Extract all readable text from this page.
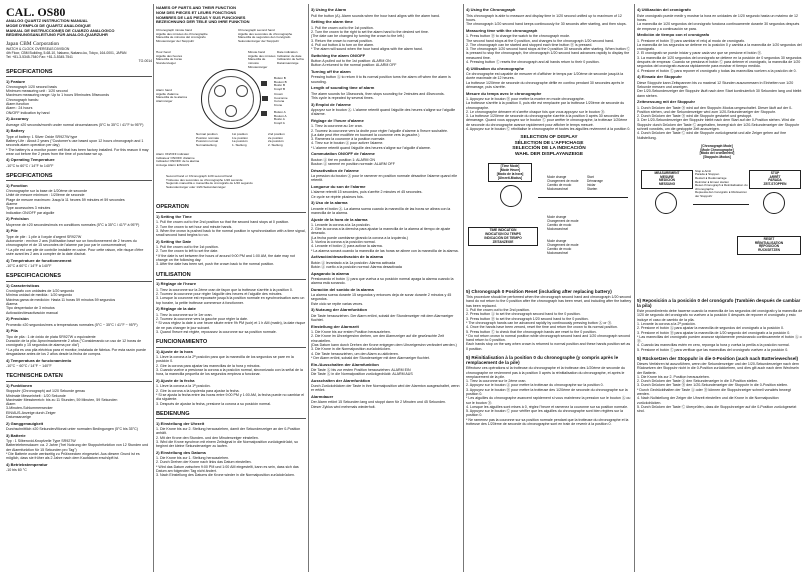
CAL. OS80
ANALOG QUARTZ INSTRUCTION MANUAL
MODE D'EMPLOI DE QUARTZ ANALOGIQUE
MANUAL DE INSTRUCCIONES DE CUARZO ANALOGICO
BEDIENUNGSANLEITUNG FÜR ANALOG-QUARZUHR
Japan CBM Corporation
WATCH & CLOCK OVERSEAS DIVISION
4th Floor, CBM Building, 5-68-10, Nakano, Nakano-ku, Tokyo, 164-0001, JAPAN
Tel: +81-3-5345-7540 Fax: +81-3-5345-7541
TO-0014
SPECIFICATIONS
1) Feature

Chronograph 1/20 second basis
Minimum measuring unit : 1/20 second
Maximum measuring range: Up to 1 hours 59minutes 59seconds
Chronograph hands:
Alarm function
Alarm : 24 hours
ON/OFF indication by hand

2) Accuracy

Average ±20 seconds/month under normal circumstances (5°C to 35°C / 41°F to 95°F)

3) Battery

Type of battery: 1 Silver Oxide SR927W type
Battery Life : About 2 years ("Customer's use based upon 12 hours chronograph and 1 seconds alarm operation per day)
* The battery is a monitor power cell that has been factory installed. For this reason it may wear out before the 2 years from the time of purchase we up.

4) Operating Temperature

-10°C to 60°C / 14°F to 140°F

SPECIFICATIONS
1) Fonction

Chronographe sur la base de 1/20ème de seconde
Unité de mesure minimum : 1/20ème de seconde
Plage de mesure maximum: Jusqu'à 11 heures 59 minutes et 59 secondes
Alarme
Type accessoires 3 minutes
Indication ON/OFF par aiguille

2) Précision

Moyenne de ±20 secondes/mois en conditions normales (5°C à 35°C / 41°F à 95°F)

3) Pile

Type de pile : 1 pile à l'oxyde d'argent SR927W
Autonomie : environ 2 ans (l'utilisation basé sur un fonctionnement de 2 heures du chronographe et de 15 secondes de l'alarme par jour par le consommateur)
* La pile est une pile de contrôle installée en usine. Pour cette raison, elle risque d'être usée avant les 2 ans à compter de la date d'achat.

4) Température de fonctionnement

-10°C à 60°C / 14°F à 140°F

ESPECIFICACIONES
1) Características

Cronógrafo con unidades de 1/20 segundo
Mínima unidad de medida : 1/20 segundo
Máxima gama de medición: Hasta 11 horas 59 minutos 59 segundos
Alarma
Tipo despertador de 3 minutos
Activación/desactivación manual

2) Precisión

Promedio ±20 segundos/mes a temperaturas normales (5°C ~ 35°C / 41°F ~ 95°F)

3) Pila

Tipo de pila : 1 de óxido de plata SR927W o equivalente
Duración de la pila: Aproximadamente 2 años ("Considerando un uso de 12 horas de cronógrafo y 15 segundos de alarma por día")
* La pila es una pila eléctrica para el monitor, instalada de fábrica. Por esta razón puede desgastarse antes de los 2 años desde la fecha de compra.

4) Temperatura de funcionamiento

-10°C ~ 60°C / 14°F ~ 140°F

TECHNISCHE DATEN
1) Funktionen

Stoppuhr (Chronograph) auf 1/20 Sekunde genau
Minimale Messeinheit : 1/20 Sekunde
Maximaler Messbereich: bis zu 11 Stunden, 59 Minuten, 59 Sekunden
Alarm
3-Minuten-Schlummerwecker
EIN/AUS-Anzeige durch Zeiger
Datumsanzeige

2) Ganggenauigkeit

Durchschnittlich ±20 Sekunden/Monat unter normalen Bedingungen (5°C bis 35°C)

3) Batterie

Typ : 1 Silberoxid-Knopfzelle Type SR927W
Batterielebensdauer: ca. 2 Jahre ("bei Nutzung der Stoppuhrfunktion von 12 Stunden und der Alarmfunktion für 15 Sekunden pro Tag")
* Die Batterie wurde werkseitig zu Prüfzwecken eingesetzt. Aus diesem Grund ist es möglich, dass sie früher als 2 Jahre nach dem Kaufdatum erschöpft ist.

4) Betriebstemperatur

-10 bis 60 °C

NAMES OF PARTS AND THEIR FUNCTION
NOM DES PIECES ET LEURS FONCTIONS
NOMBRES DE LAS PIEZAS Y SUS FUNCIONES
BEZEICHNUNG DER TEILE UND IHRE FUNKTION
Chronograph minute hand
Aiguille des minutes du chronographe
Manecilla de minutos del cronógrafo
Minutenzeiger der Stoppuhr
Chronograph second hand
Aiguille des secondes du chronographe
Manecilla de segundos del cronógrafo
Sekundenzeiger der Stoppuhr
Hour hand
Aiguille des heures
Manecilla de horas
Stundenzeiger
Minute hand
Aiguille des minutes
Manecilla de minutos
Minutenzeiger
Date indication
Indication de date
Indicación de fecha
Datumsanzeige
Button B
Bouton B
Botón B
Knopf B
Crown
Couronne
Corona
Krone
Button A
Bouton A
Botón A
Knopf A
Alarm hand
Aiguille d'alarme
Manecilla de la alarma
Alarmzeiger
Normal position
Position normale
Posición normal
Normalstellung
1st position
1re position
1a posición
1. Stellung
2nd position
2e position
2a posición
2. Stellung
Alarm ON/OFF indicator
Indicateur ON/OFF d'alarme
Indicador ON/OFF de la alarma
Anzeige Alarm EIN/AUS
Second hand or Chronograph 1/20 second hand
Trotteuse des secondes ou chronographe 1/20 seconde
Segundo manecilla o manecilla de cronógrafo de 1/20 segundo
Sekundenzeiger oder 1/20-Sekundenzeiger
OPERATION
1) Setting the Time

1. Pull the crown out to the 2nd position so that the second hand stops at 0 position.
2. Turn the crown to set hour and minute hands.
3. When the crown is pushed back to the normal position in synchronization with a time signal, small second hand begins to run.

2) Setting the Date

1. Pull the crown out to the 1st position.
2. Turn the crown to left to set the date.
* If the date is set between the hours of around 9:00 PM and 1:00 AM, the date may not change on the following day.
3. After the date has been set, push the crown back to the normal position.

UTILISATION
1) Réglage de l'heure

1. Tirez la couronne sur la 2ème cran de façon que la trotteuse s'arrête à la position 0.
2. Tournez la couronne pour régler l'aiguille des heures et l'aiguille des minutes.
3. Lorsque la couronne est repoussée jusqu'à la position normale en synchronisation avec un top horaire, la petite trotteuse commence à fonctionner.

2) Réglage de la date

1. Tirez la couronne sur le 1er cran.
2. Tournez la couronne vers la gauche pour régler la date.
* Si vous réglez la date à une heure située entre 9h PM (soir) et 1 h AM (matin), la date risque de ne pas changer le jour suivant.
3. Quand l'heure est réglée, repoussez la couronne sur sa position normale.

FUNCIONAMIENTO
1) Ajuste de la hora

1. Lleve la corona a la 2ª posición para que la manecilla de los segundos se pare en la posición 0.
2. Gire la corona para ajustar las manecillas de la hora y minutos.
3. Cuando vuelve a presionar la corona a la posición normal, sincronizado con la señal de la hora, la manecilla pequeña de los segundos empieza a funcionar.

2) Ajuste de la fecha

1. Lleve la corona a la 1ª posición.
2. Gire la corona a la izquierda para ajustar la fecha.
* Si se ajusta la fecha entre las horas entre 9:00 PM y 1:00 AM, la fecha puede no cambiar el día siguiente.
3. Después de ajustar la fecha, presione la corona a su posición normal.

BEDIENUNG
1) Einstellung der Uhrzeit

1. Die Krone bis zur 2. Stellung herausziehen, damit der Sekundenzeiger an der 0-Position anhält.
2. Mit der Krone den Stunden- und den Minutenzeiger einstellen.
3. Wird die Krone synchron mit einem Zeitsignal in die Normalposition zurückgedrückt, so beginnt der kleine Sekundenzeiger zu laufen.

2) Einstellung des Datums

1. Die Krone bis zur 1. Stellung herausziehen.
2. Durch Drehen der Krone nach links das Datum einstellen.
* Wird das Datum zwischen 9:00 PM und 1:00 AM eingestellt, kann es sein, dass sich das Datum am folgenden Tag nicht ändert.
3. Nach Einstellung des Datums die Krone wieder in die Normalposition zurückdrücken.

3) Using the Alarm

Pull the button (A). Alarm sounds when the hour hand aligns with the alarm hand.

Setting the alarm time

1. Pull the crown out to the 1st position.
2. Turn the crown to the right to set the alarm hand to the desired set time.
(The date can be changed by turning the crown to the left.)
3. Return the crown to normal position.
4. Pull out button A to turn on the alarm.
* The alarm will sound when the hour hand aligns with the alarm hand.

Switching the alarm ON/OFF

Button A pulled out to the 1st position: ALARM ON
Button A returned to the normal position: ALARM OFF

Turning off the alarm

Pressing button Ⓐ to return it to its normal position turns the alarm off when the alarm is sounding.

Length of sounding time of alarm

The alarm sounds for 15seconds, then stops sounding for 2minutes and 45seconds.
This cycle is repeated by several times.

3) Emploi de l'alarme

Appuyez sur le bouton Ⓐ. L'alarme retentit quand l'aiguille des heures s'aligne sur l'aiguille d'alarme.

Réglage de l'heure d'alarme

1. Tirez la couronne au 1er cran.
2. Tournez la couronne vers la droite pour régler l'aiguille d'alarme à l'heure souhaitée.
(La date peut être modifiée en tournant la couronne vers la gauche.)
3. Ramenez la couronne à la position normale.
4. Tirez sur le bouton Ⓐ pour activer l'alarme.
* L'alarme retentit quand l'aiguille des heures s'aligne sur l'aiguille d'alarme.

Commutation ON/OFF de l'alarme

Bouton Ⓐ tiré en position 1: ALARM ON
Bouton Ⓐ ramené en position normale: ALARM OFF

Désactivation de l'alarme

La pression du bouton Ⓐ pour le ramener en position normale désactive l'alarme quand elle retentit.

Longueur du son de l'alarme

L'alarme retentit 15 secondes, puis s'arrête 2 minutes et 45 secondes.
Ce cycle se répète plusieurs fois.

3) Uso de la alarma

Levante el botón Ⓐ. La alarma suena cuando la manecilla de las horas se alinea con la manecilla de la alarma.

Ajuste de la hora de la alarma

1. Levante la corona a la 1a posición.
2. Gire la corona a la derecha para ajustar la manecilla de la alarma al tiempo de ajuste deseado.
(La fecha puede cambiarse girando la corona a la izquierda.)
3. Vuelva la corona a la posición normal.
4. Levante el botón Ⓐ para activar la alarma.
* La alarma sonará cuando la manecilla de las horas se alinee con la manecilla de la alarma.

Activación/desactivación de la alarma

Botón Ⓐ levantado a la 1a posición: Alarma activada
Botón Ⓐ vuelto a la posición normal: Alarma desactivada

Apagando la alarma

Presionando el botón Ⓐ para que vuelva a su posición normal apaga la alarma cuando la alarma está sonando.

Duración del sonido de la alarma

La alarma suena durante 15 segundos y entonces deja de sonar durante 2 minutos y 45 segundos.
Este ciclo se repite varias veces.

3) Nutzung der Alarmfunktion

Die Taste herausziehen. Der Alarm ertönt, sobald der Stundenzeiger mit dem Alarmzeiger fluchtet.

Einstellung der Alarmzeit

1. Die Krone bis zur ersten Position herausziehen.
2. Die Krone im Uhrzeigersinn drehen, um den Alarmzeiger auf die gewünschte Zeit einzustellen.
(Das Datum kann durch Drehen der Krone entgegen dem Uhrzeigersinn verändert werden.)
3. Die Krone in die Normalposition zurückdrücken.
4. Die Taste herausziehen, um den Alarm zu aktivieren.
* Der Alarm ertönt, sobald der Stundenzeiger mit dem Alarmzeiger fluchtet.

Ein-/Ausschalten der Alarmfunktion

Die Taste Ⓐ bis zur ersten Position herausziehen: ALARM EIN
Die Taste Ⓐ in die Normalposition zurückgedrückt: ALARM AUS

Ausschalten der Alarmfunktion

Durch Zurückdrücken der Taste in ihre Normalposition wird der Alarmton ausgeschaltet, wenn er ertönt.

Alarmdauer

Der Alarm ertönt 15 Sekunden lang und stoppt dann für 2 Minuten und 45 Sekunden.
Dieser Zyklus wird mehrmals wiederholt.

4) Using the Chronograph

This chronograph is able to measure and display time in 1/20 second unified up to maximum of 12 hours.
The chronograph 1/20 second hand keeps continuously for 30 seconds after starting, and then stops.

Measuring time with the chronograph

1. Press button Ⓑ to change the watch to the chronograph mode.
The second hand stops at the 0 position, and changes to the chronograph 1/20 second hand.
2. The chronograph can be started and stopped each time button Ⓑ is pressed.
3. The chronograph 1/20 second hand stops at the 0 position 30 seconds after starting. When button Ⓒ is pressed to stop the chronograph, the chronograph 1/20 second hand advances rapidly to display the measured time.
4. Pressing button Ⓒ resets the chronograph and all hands return to their 0 position.

4) Utilisation du chronographe

Ce chronographe est capable de mesurer et d'afficher le temps par 1/20ème de seconde jusqu'à la durée maximale de 12 heures.
La trotteuse 1/20ème de seconde du chronographe défile en continu pendant 30 secondes après le démarrage, puis s'arrête.

Mesure du temps avec le chronographe

1. Appuyez sur le bouton Ⓑ pour mettre la montre en mode chronographe.
La trotteuse s'arrête à la position 0, puis elle est remplacée par la trotteuse 1/20ème de seconde du chronographe.
2. Le chronographe démarre et s'arrête chaque fois que vous appuyez sur le bouton Ⓑ.
3. La trotteuse 1/20ème de seconde du chronographe s'arrête à la position 0 après 30 secondes de démarrage. Quand vous appuyez sur le bouton Ⓒ pour arrêter le chronographe, la trotteuse 1/20ème de seconde du chronographe avance rapidement pour afficher le temps mesuré.
4. Appuyez sur le bouton Ⓒ réinitialise le chronographe et toutes les aiguilles reviennent à la position 0.

SELECTION OF DISPLAY
SÉLECTION DE L'AFFICHAGE
SELECCIÓN DE LA INDICACIÓN
WAHL DER DISPLAYANZEIGE
[Time Mode]
[Mode Heure]
[Modo de la hora]
[Uhrzeit-Modus]
TIME INDICATION
INDICATION DU TEMPS
INDICACIÓN DE TIEMPO
ZEITANZEIGE
Mode change
Changement de mode
Cambio de modo
Moduswechsel
Start
Démarrage
Iniciar
Starten
Mode change
Changement de mode
Cambio de modo
Moduswechsel
Mode change
Changement de mode
Cambio de modo
Moduswechsel
5) Chronograph 0 Position Reset (including after replacing battery)

This procedure should be performed when the chronograph second hand and chronograph 1/20 second hand do not return to the 0 position after the chronograph has been reset, and including after the battery has been replaced.
1. Pull the crown out to the 2nd position.
2. Press button Ⓐ to set the chronograph second hand to the 0 position.
3. Press button Ⓑ to set the chronograph 1/20 second hand to the 0 position.
* The chronograph hands can be advanced rapidly by continuously pressing button Ⓐ or Ⓑ.
4. Once the hands have been zeroed, reset the time and return the crown to its normal position.
5. Press button Ⓒ to check that the chronograph hands are reset to the 0 position.
* Do not return crown to normal position while chronograph second hand and 1/20 chronograph second hand return to 0 position.
Each hands stop on the way when crown is returned to normal position and these hands position set as 0 position.

5) Réinitialisation à la position 0 du chronographe (y compris après le remplacement de la pile)

Effectuez ces opérations si la trotteuse du chronographe et la trotteuse des 1/20ème de seconde du chronographe ne reviennent pas à la position 0 après la réinitialisation du chronographe, et après le remplacement de la pile.
1. Tirez la couronne sur le 2ème cran.
2. Appuyez sur le bouton Ⓐ pour mettre la trotteuse du chronographe sur la position 0.
3. Appuyez sur le bouton Ⓑ pour mettre la trotteuse des 1/20ème de seconde du chronographe sur la position 0.
* Les aiguilles du chronographe avancent rapidement si vous maintenez la pression sur le bouton Ⓐ ou sur le bouton Ⓑ.
4. Lorsque les aiguilles sont mises à 0, réglez l'heure et ramenez la couronne sur sa position normale.
5. Appuyez sur le bouton Ⓒ pour vérifier que les aiguilles du chronographe sont bien réglées sur la position 0.
* Ne ramenez pas la couronne sur sa position normale pendant que la trotteuse du chronographe et la trotteuse des 1/20ème de seconde du chronographe sont en train de revenir à la position 0.

4) Utilización del cronógrafo

Este cronógrafo puede medir y mostrar la hora en unidades de 1/20 segundo hasta un máximo de 12 horas.
La manecilla de 1/20 segundos del cronógrafo funciona continuamente durante 30 segundos después de empezar y a continuación se para.

Medición de tiempo con el cronógrafo

1. Presione el botón Ⓑ para cambiar el reloj al modo de cronógrafo.
La manecilla de los segundos se detiene en la posición 0 y cambia a la manecilla de 1/20 segundos del cronógrafo.
2. El cronógrafo se puede iniciar y parar cada vez que se presione el botón Ⓑ.
3. La manecilla de 1/20 segundos del cronógrafo se detiene en la posición de 0 segundos 30 segundos después de empezar. Cuando se presiona el botón Ⓒ para detener el cronógrafo, la manecilla de 1/20 segundos del cronógrafo avanza rápidamente para mostrar el tiempo medido.
4. Presione el botón Ⓒ para reponer el cronógrafo y todas las manecillas vuelven a la posición de 0.

4) Einsatz der Stoppuhr

Diese Stoppuhr kann Zeitspannen bis zu maximal 12 Stunden auszumessen in Einheiten von 1/20 Sekunde messen und anzeigen.
Der 1/20-Sekundenzeiger der Stoppuhr läuft nach dem Start kontinuierlich 30 Sekunden lang und bleibt dann stehen.

Zeitmessung mit der Stoppuhr

1. Durch Drücken der Taste Ⓑ wird auf den Stoppuhr-Modus umgeschaltet. Dieser läuft auf der 0-Position stehen, und der Sekundenzeiger wird zum 1/20-Sekundenzeiger der Stoppuhr.
2. Durch Drücken der Taste Ⓑ wird die Stoppuhr gestartet und gestoppt.
3. Der 1/20-Sekundenzeiger der Stoppuhr bleibt nach dem Start auf der 0-Position stehen. Wird die Stoppuhr durch Drücken der Taste Ⓒ angehalten, bewegt sich der 1/20-Sekundenzeiger der Stoppuhr schnell vorwärts, um die gestoppte Zeit anzuzeigen.
4. Durch Drücken der Taste Ⓒ wird die Stoppuhr zurückgesetzt und alle Zeiger gehen auf ihre Nullstellung.

[Chronograph Mode]
[Mode Chronographe]
[Modo del cronómetro]
[Stoppuhr-Modus]
MEASUREMENT
MESURE
MEDICIÓN
MESSUNG
STOP
ARRÊT
PARADA
ZEIT-STOPPEN
Stop ● Arrêt
Parada ● Stoppen
Restart ● Redémarrage
Reiniciar ● Erneut starten
Reset chronograph ● Réinitialisation du chronographe
Repuesta del cronógrafo ● Rücksetzen der Stoppuhr
RESET
RÉINITIALISATION
REPOSICIÓN
RÜCKSETZEN
5) Reposición a la posición 0 del cronógrafo (También después de cambiar la pila)

Este procedimiento debe hacerse cuando la manecilla de los segundos del cronógrafo y la manecilla de 1/20 de segundo del cronógrafo no vuelven a la posición 0 después de reponer el cronógrafo y esto incluye el caso de cambio de la pila.
1. Levante la corona a la 2ª posición.
2. Presione el botón Ⓐ para ajustar la manecilla de segundos del cronógrafo a la posición 0.
3. Presione el botón Ⓑ para ajustar la manecilla de 1/20 segundo del cronógrafo a la posición 0.
* Las manecillas del cronógrafo pueden avanzar rápidamente presionando continuamente el botón Ⓐ o Ⓑ.
4. Cuando las manecillas estén en cero, reponga la hora y vuelva la perilla a la posición normal.
5. Presione el botón Ⓒ para verificar que las manecillas del cronógrafo vuelven a la posición 0.

5) Rücksetzen der Stoppuhr in die 0-Position (auch nach Batteriewechsel)

Dieses Verfahren ist auszuführen, wenn der Sekundenzeiger und der 1/20-Sekundenzeiger nach dem Rücksetzen der Stoppuhr nicht in die 0-Position zurückkehren, und dies gilt auch nach dem Wechseln der Batterie.
1. Die Krone bis zur 2. Position herausziehen.
2. Durch Drücken der Taste Ⓐ den Sekundenzeiger in die 0-Position stellen.
3. Durch Drücken der Taste Ⓑ den 1/20-Sekundenzeiger der Stoppuhr in die 0-Position stellen.
* Durch Gedrückthalten der Taste Ⓐ oder Ⓑ können die Stoppuhrzeiger schnell vorwärts bewegt werden.
4. Nach Nullstellung der Zeiger die Uhrzeit einstellen und die Krone in die Normalposition zurückdrücken.
5. Durch Drücken der Taste Ⓒ überprüfen, dass die Stoppuhrzeiger auf die 0-Position zurückgesetzt sind.
